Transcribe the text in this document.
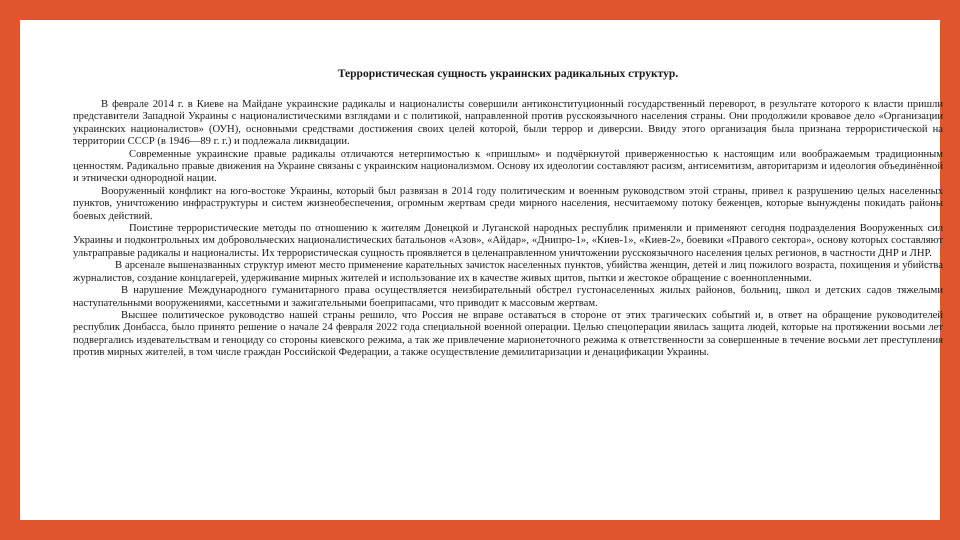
Террористическая сущность украинских радикальных структур.

В феврале 2014 г. в Киеве на Майдане украинские радикалы и националисты совершили антиконституционный государственный переворот, в результате которого к власти пришли представители Западной Украины с националистическими взглядами и с политикой, направленной против русскоязычного населения страны. Они продолжили кровавое дело «Организации украинских националистов» (ОУН), основными средствами достижения своих целей которой, были террор и диверсии. Ввиду этого организация была признана террористической на территории СССР (в 1946—89 г. г.) и подлежала ликвидации.

Современные украинские правые радикалы отличаются нетерпимостью к «пришлым» и подчёркнутой приверженностью к настоящим или воображаемым традиционным ценностям. Радикально правые движения на Украине связаны с украинским национализмом. Основу их идеологии составляют расизм, антисемитизм, авторитаризм и идеология объединённой и этнически однородной нации.

Вооруженный конфликт на юго-востоке Украины, который был развязан в 2014 году политическим и военным руководством этой страны, привел к разрушению целых населенных пунктов, уничтожению инфраструктуры и систем жизнеобеспечения, огромным жертвам среди мирного населения, несчитаемому потоку беженцев, которые вынуждены покидать районы боевых действий.

Поистине террористические методы по отношению к жителям Донецкой и Луганской народных республик применяли и применяют сегодня подразделения Вооруженных сил Украины и подконтрольных им добровольческих националистических батальонов «Азов», «Айдар», «Днипро-1», «Киев-1», «Киев-2», боевики «Правого сектора», основу которых составляют ультраправые радикалы и националисты. Их террористическая сущность проявляется в целенаправленном уничтожении русскоязычного населения целых регионов, в частности ДНР и ЛНР.

В арсенале вышеназванных структур имеют место применение карательных зачисток населенных пунктов, убийства женщин, детей и лиц пожилого возраста, похищения и убийства журналистов, создание концлагерей, удерживание мирных жителей и использование их в качестве живых щитов, пытки и жестокое обращение с военнопленными.

В нарушение Международного гуманитарного права осуществляется неизбирательный обстрел густонаселенных жилых районов, больниц, школ и детских садов тяжелыми наступательными вооружениями, кассетными и зажигательными боеприпасами, что приводит к массовым жертвам.

Высшее политическое руководство нашей страны решило, что Россия не вправе оставаться в стороне от этих трагических событий и, в ответ на обращение руководителей республик Донбасса, было принято решение о начале 24 февраля 2022 года специальной военной операции. Целью спецоперации явилась защита людей, которые на протяжении восьми лет подвергались издевательствам и геноциду со стороны киевского режима, а так же привлечение марионеточного режима к ответственности за совершенные в течение восьми лет преступления против мирных жителей, в том числе граждан Российской Федерации, а также осуществление демилитаризации и денацификации Украины.
